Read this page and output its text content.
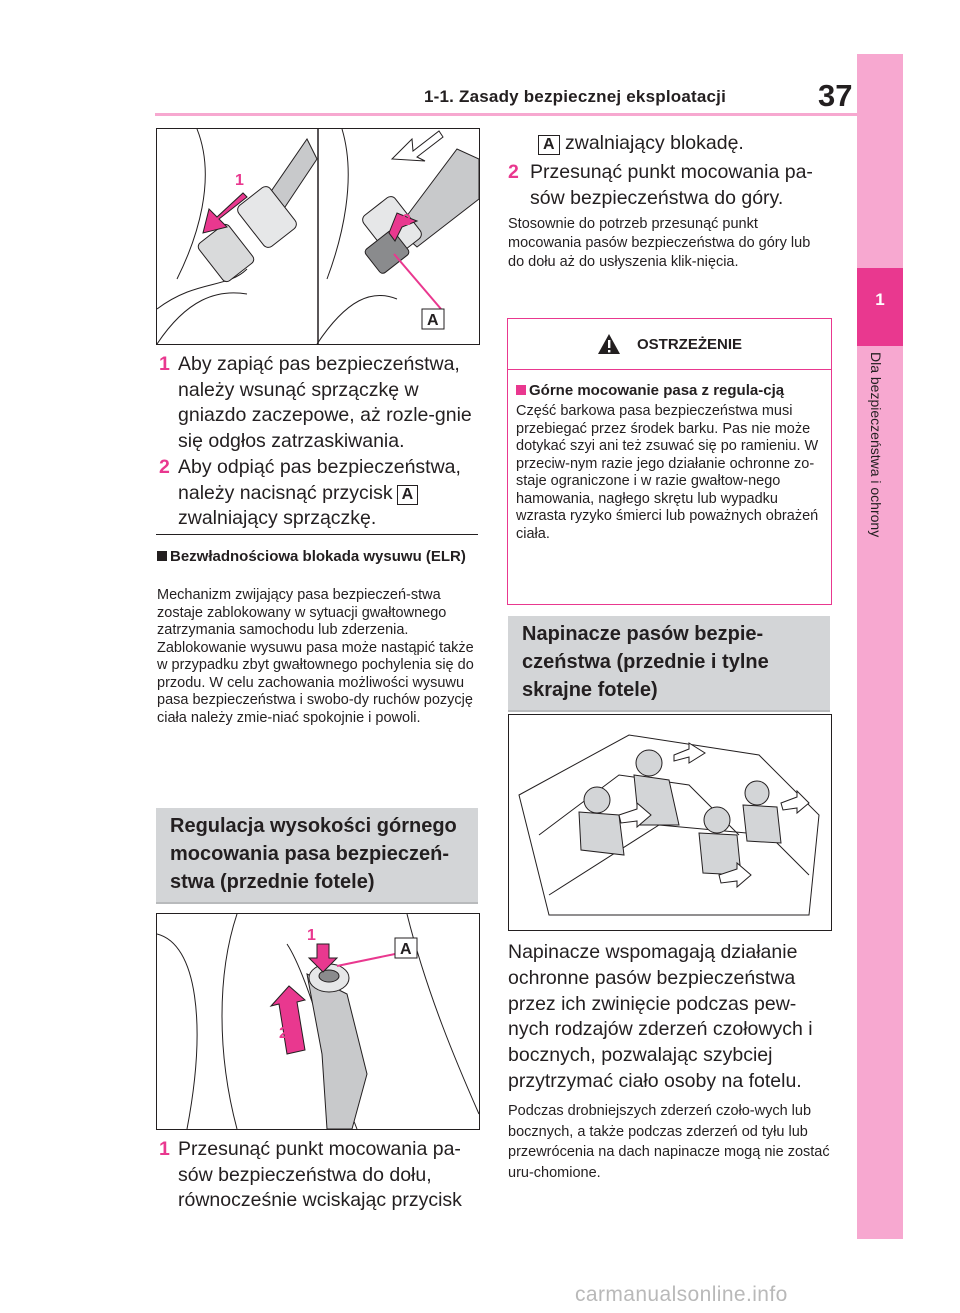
1-1. Zasady bezpiecznej eksploatacji	37
1
Dla bezpieczeństwa i ochrony
A
1
2
1 Aby zapiąć pas bezpieczeństwa, należy wsunąć sprzączkę w gniazdo zaczepowe, aż rozle-gnie się odgłos zatrzaskiwania.
2 Aby odpiąć pas bezpieczeństwa, należy nacisnąć przycisk A zwalniający sprzączkę.
Bezwładnościowa blokada wysuwu (ELR)
Mechanizm zwijający pasa bezpieczeń-stwa zostaje zablokowany w sytuacji gwałtownego zatrzymania samochodu lub zderzenia. Zablokowanie wysuwu pasa może nastąpić także w przypadku zbyt gwałtownego pochylenia się do przodu. W celu zachowania możliwości wysuwu pasa bezpieczeństwa i swobo-dy ruchów pozycję ciała należy zmie-niać spokojnie i powoli.
Regulacja wysokości górnego mocowania pasa bezpieczeń-stwa (przednie fotele)
A
1
2
1 Przesunąć punkt mocowania pa-sów bezpieczeństwa do dołu, równocześnie wciskając przycisk
A zwalniający blokadę.
2 Przesunąć punkt mocowania pa-sów bezpieczeństwa do góry.
Stosownie do potrzeb przesunąć punkt mocowania pasów bezpieczeństwa do góry lub do dołu aż do usłyszenia klik-nięcia.
OSTRZEŻENIE
Górne mocowanie pasa z regula-cją
Część barkowa pasa bezpieczeństwa musi przebiegać przez środek barku. Pas nie może dotykać szyi ani też zsuwać się po ramieniu. W przeciw-nym razie jego działanie ochronne zo-staje ograniczone i w razie gwałtow-nego hamowania, nagłego skrętu lub wypadku wzrasta ryzyko śmierci lub poważnych obrażeń ciała.
Napinacze pasów bezpie-czeństwa (przednie i tylne skrajne fotele)
Napinacze wspomagają działanie ochronne pasów bezpieczeństwa przez ich zwinięcie podczas pew-nych rodzajów zderzeń czołowych i bocznych, pozwalając szybciej przytrzymać ciało osoby na fotelu.
Podczas drobniejszych zderzeń czoło-wych lub bocznych, a także podczas zderzeń od tyłu lub przewrócenia na dach napinacze mogą nie zostać uru-chomione.
carmanualsonline.info
